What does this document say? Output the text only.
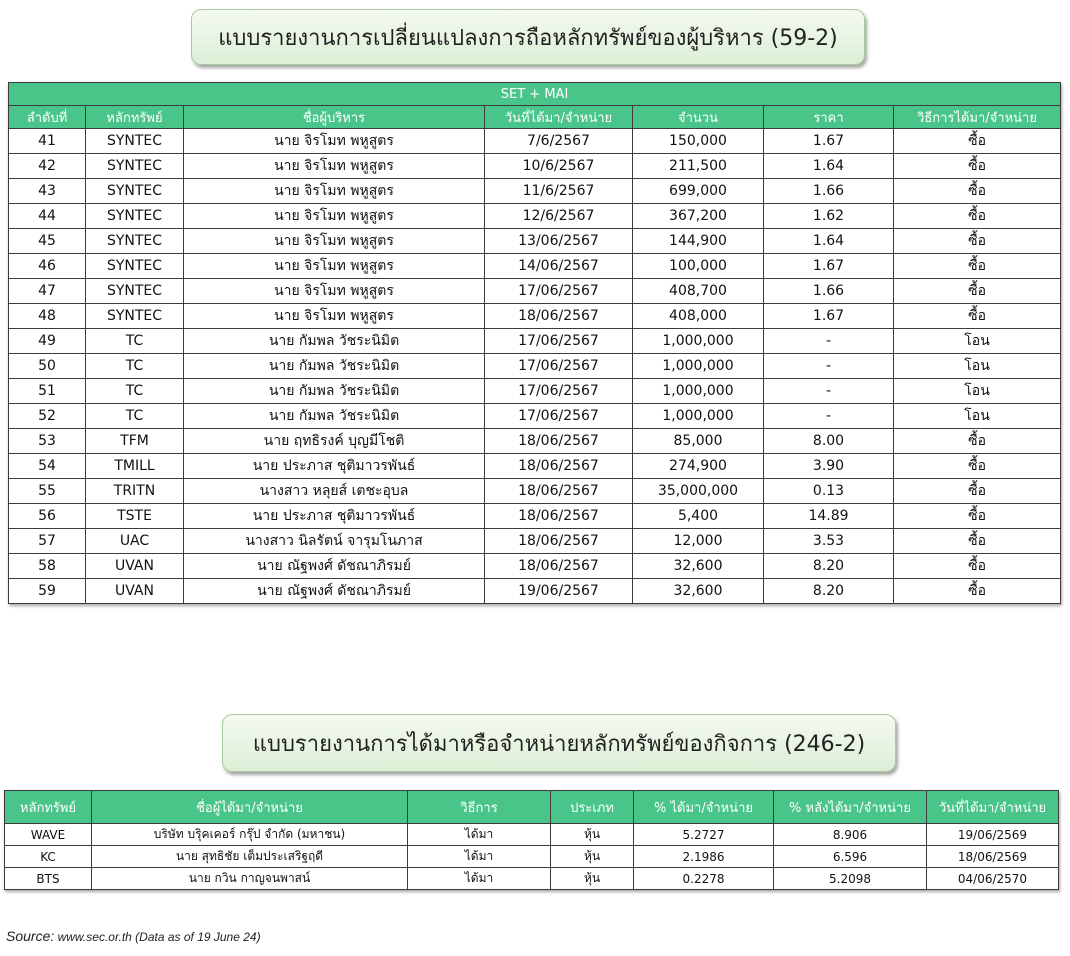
แบบรายงานการเปลี่ยนแปลงการถือหลักทรัพย์ของผู้บริหาร (59-2)
SET + MAI						
ลำดับที่	หลักทรัพย์	ชื่อผู้บริหาร	วันที่ได้มา/จำหน่าย	จำนวน	ราคา	วิธีการได้มา/จำหน่าย
41	SYNTEC	นาย จิรโมท พหูสูตร	7/6/2567	150,000	1.67	ซื้อ
42	SYNTEC	นาย จิรโมท พหูสูตร	10/6/2567	211,500	1.64	ซื้อ
43	SYNTEC	นาย จิรโมท พหูสูตร	11/6/2567	699,000	1.66	ซื้อ
44	SYNTEC	นาย จิรโมท พหูสูตร	12/6/2567	367,200	1.62	ซื้อ
45	SYNTEC	นาย จิรโมท พหูสูตร	13/06/2567	144,900	1.64	ซื้อ
46	SYNTEC	นาย จิรโมท พหูสูตร	14/06/2567	100,000	1.67	ซื้อ
47	SYNTEC	นาย จิรโมท พหูสูตร	17/06/2567	408,700	1.66	ซื้อ
48	SYNTEC	นาย จิรโมท พหูสูตร	18/06/2567	408,000	1.67	ซื้อ
49	TC	นาย กัมพล วัชระนิมิต	17/06/2567	1,000,000	-	โอน
50	TC	นาย กัมพล วัชระนิมิต	17/06/2567	1,000,000	-	โอน
51	TC	นาย กัมพล วัชระนิมิต	17/06/2567	1,000,000	-	โอน
52	TC	นาย กัมพล วัชระนิมิต	17/06/2567	1,000,000	-	โอน
53	TFM	นาย ฤทธิรงค์ บุญมีโชติ	18/06/2567	85,000	8.00	ซื้อ
54	TMILL	นาย ประภาส ชุติมาวรพันธ์	18/06/2567	274,900	3.90	ซื้อ
55	TRITN	นางสาว หลุยส์ เตชะอุบล	18/06/2567	35,000,000	0.13	ซื้อ
56	TSTE	นาย ประภาส ชุติมาวรพันธ์	18/06/2567	5,400	14.89	ซื้อ
57	UAC	นางสาว นิลรัตน์ จารุมโนภาส	18/06/2567	12,000	3.53	ซื้อ
58	UVAN	นาย ณัฐพงศ์ ดัชณาภิรมย์	18/06/2567	32,600	8.20	ซื้อ
59	UVAN	นาย ณัฐพงศ์ ดัชณาภิรมย์	19/06/2567	32,600	8.20	ซื้อ
แบบรายงานการได้มาหรือจำหน่ายหลักทรัพย์ของกิจการ (246-2)
หลักทรัพย์	ชื่อผู้ได้มา/จำหน่าย	วิธีการ	ประเภท	% ได้มา/จำหน่าย	% หลังได้มา/จำหน่าย	วันที่ได้มา/จำหน่าย
WAVE	บริษัท บริุคเคอร์ กรุ๊ป จำกัด (มหาชน)	ได้มา	หุ้น	5.2727	8.906	19/06/2569
KC	นาย สุทธิชัย เต็มประเสริฐฤดี	ได้มา	หุ้น	2.1986	6.596	18/06/2569
BTS	นาย กวิน กาญจนพาสน์	ได้มา	หุ้น	0.2278	5.2098	04/06/2570
Source: www.sec.or.th (Data as of 19 June 24)
